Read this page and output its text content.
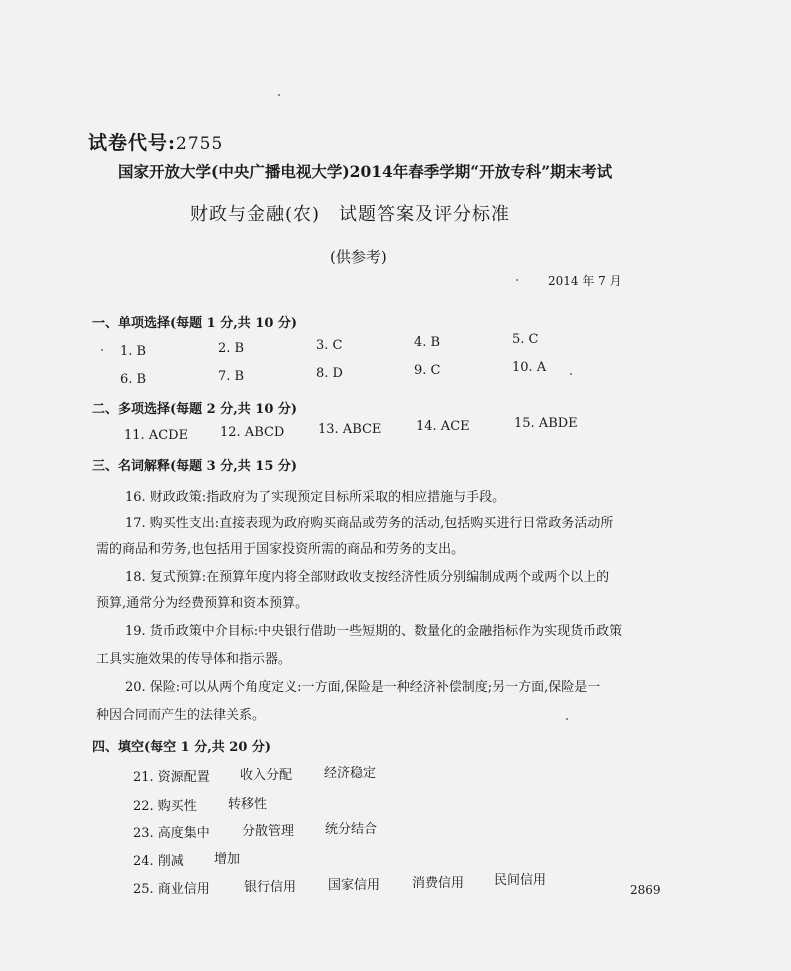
试卷代号:2755
国家开放大学(中央广播电视大学)2014年春季学期“开放专科”期末考试
财政与金融(农)　试题答案及评分标准
(供参考)
2014 年 7 月
一、单项选择(每题 1 分,共 10 分)
1. B	2. B	3. C	4. B	5. C
6. B	7. B	8. D	9. C	10. A
二、多项选择(每题 2 分,共 10 分)
11. ACDE 12. ABCD	13. ABCE	14. ACE	15. ABDE
三、名词解释(每题 3 分,共 15 分)
16. 财政政策:指政府为了实现预定目标所采取的相应措施与手段。
17. 购买性支出:直接表现为政府购买商品或劳务的活动,包括购买进行日常政务活动所
需的商品和劳务,也包括用于国家投资所需的商品和劳务的支出。
18. 复式预算:在预算年度内将全部财政收支按经济性质分别编制成两个或两个以上的
预算,通常分为经费预算和资本预算。
19. 货币政策中介目标:中央银行借助一些短期的、数量化的金融指标作为实现货币政策
工具实施效果的传导体和指示器。
20. 保险:可以从两个角度定义:一方面,保险是一种经济补偿制度;另一方面,保险是一
种因合同而产生的法律关系。
四、填空(每空 1 分,共 20 分)
21. 资源配置 收入分配 经济稳定
22. 购买性 转移性
23. 高度集中 分散管理 统分结合
24. 削减 增加
25. 商业信用	银行信用 国家信用 消费信用 民间信用
2869
